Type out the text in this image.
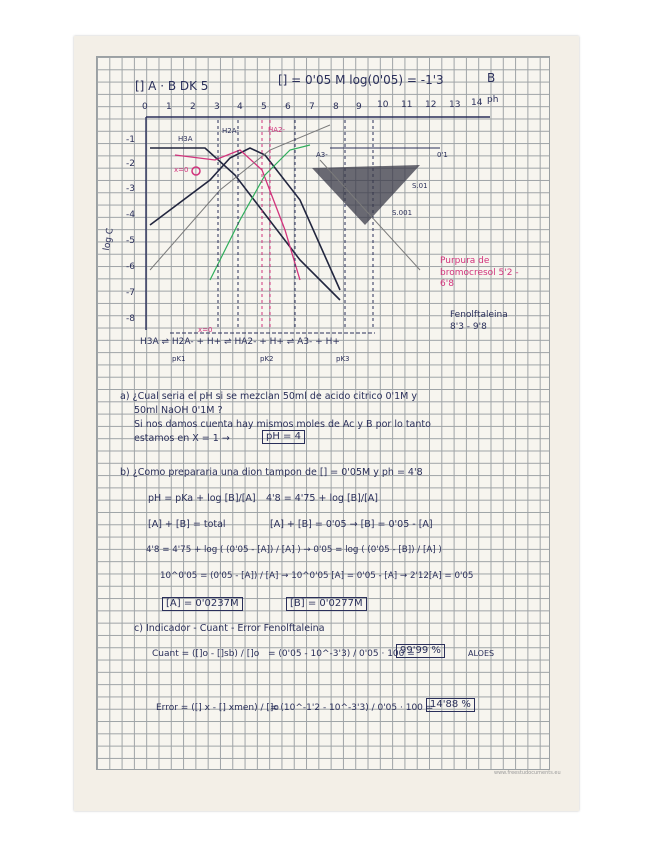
[] A · B DK 5	[] = 0'05 M log(0'05) = -1'3	B
0 1 2 3 4 5 6 7 8 9 10 11 12 13 14 ph
-1
-2
-3
-4
-5
-6
-7
-8
log C
H3A
H2A-	HA2-
A3-
x=0
x=0
0'1
S.01
S.001
H3A ⇌ H2A- + H+ ⇌ HA2- + H+ ⇌ A3- + H+
pK1	pK2	pK3
Purpura de bromocresol 5'2 - 6'8
Fenolftaleina 8'3 - 9'8
a) ¿Cual seria el pH si se mezclan 50ml de acido citrico 0'1M y
50ml NaOH 0'1M ?
Si nos damos cuenta hay mismos moles de Ac y B por lo tanto
estamos en X = 1 →	pH = 4
b) ¿Como prepararia una dion tampon de [] = 0'05M y ph = 4'8
pH = pKa + log [B]/[A] 4'8 = 4'75 + log [B]/[A]
[A] + [B] = total	[A] + [B] = 0'05 → [B] = 0'05 - [A]
4'8 = 4'75 + log ( (0'05 - [A]) / [A] ) → 0'05 = log ( (0'05 - [B]) / [A] )
10^0'05 = (0'05 - [A]) / [A] → 10^0'05 [A] = 0'05 - [A] → 2'12[A] = 0'05
[A] = 0'0237M	[B] = 0'0277M
c) Indicador - Cuant - Error Fenolftaleina
Cuant = ([]o - []sb) / []o = (0'05 - 10^-3'3) / 0'05 · 100 =
99'99 %	ALOES
Error = ([] x - [] xmen) / []o
= (10^-1'2 - 10^-3'3) / 0'05 · 100 =
14'88 %
www.freestudocuments.eu
